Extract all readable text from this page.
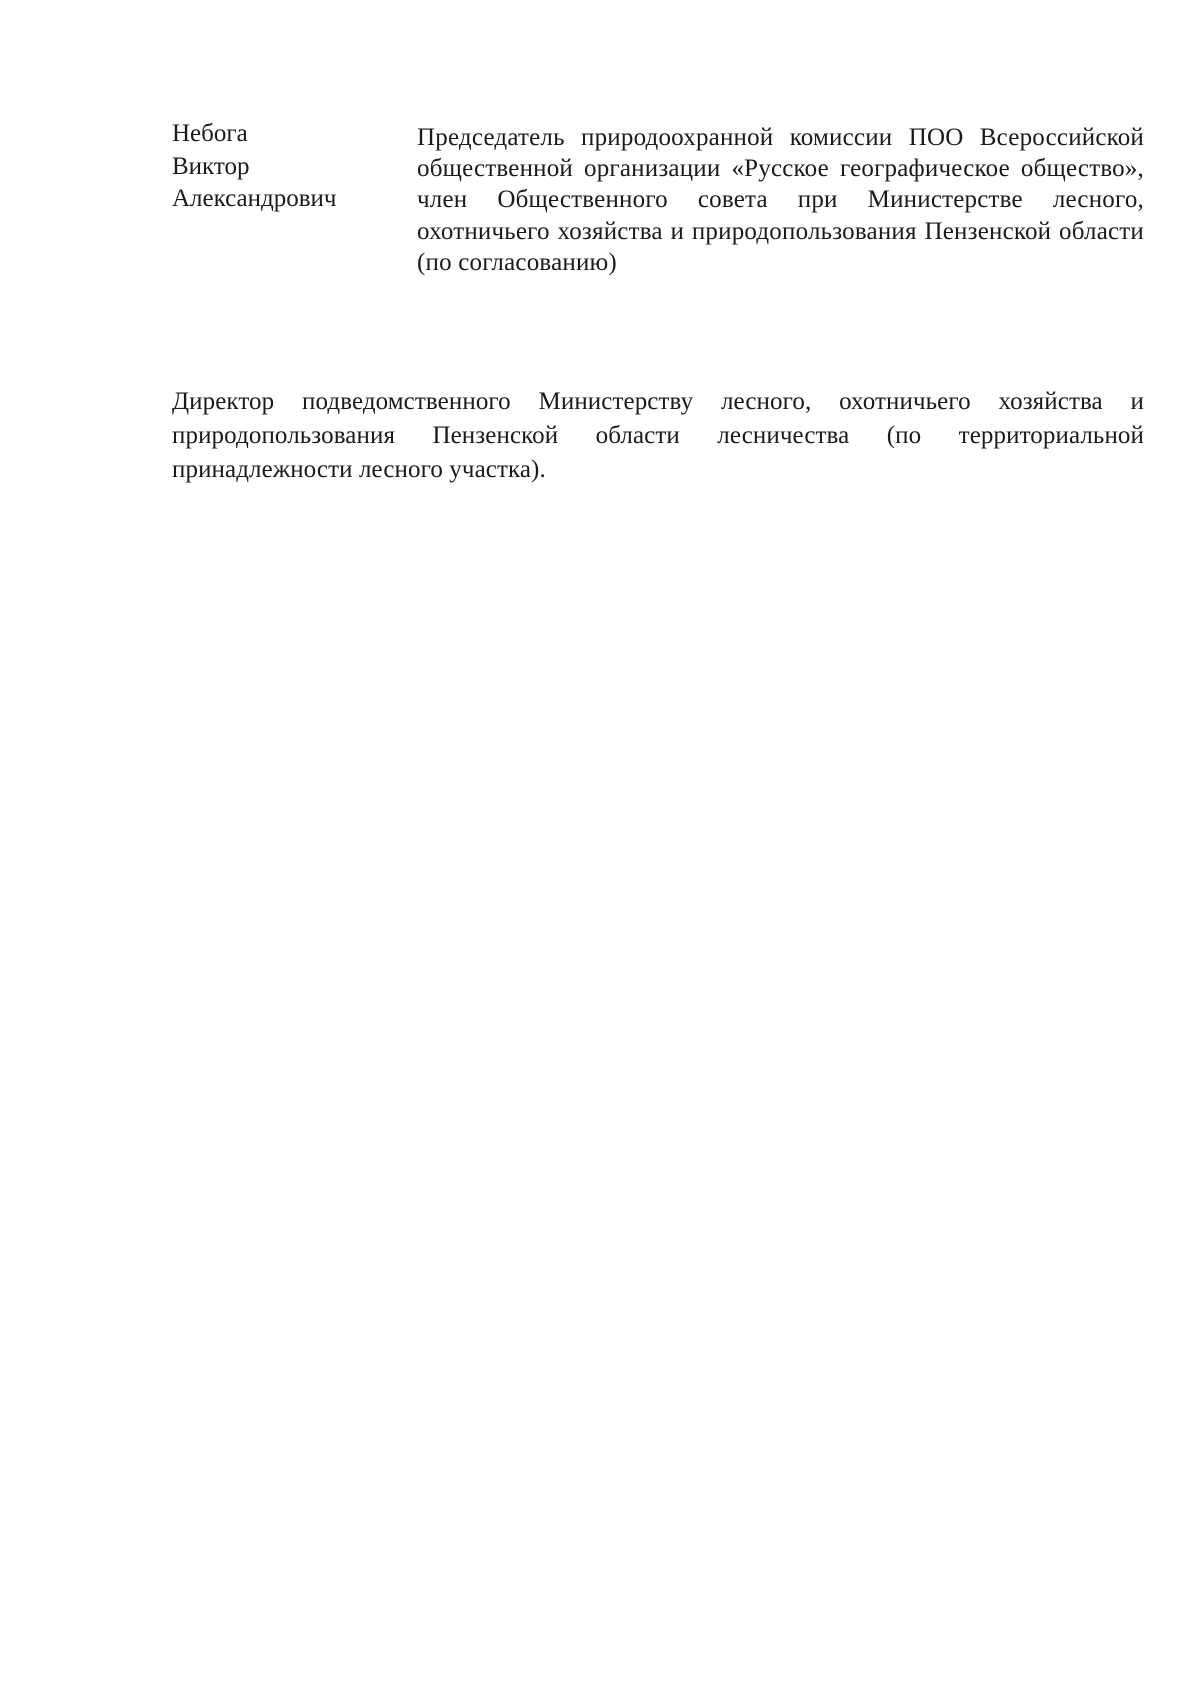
Небога
Виктор
Александрович
Председатель природоохранной комиссии ПОО Всероссийской общественной организации «Русское географическое общество», член Общественного совета при Министерстве лесного, охотничьего хозяйства и природопользования Пензенской области (по согласованию)

Директор подведомственного Министерству лесного, охотничьего хозяйства и природопользования Пензенской области лесничества (по территориальной принадлежности лесного участка).
